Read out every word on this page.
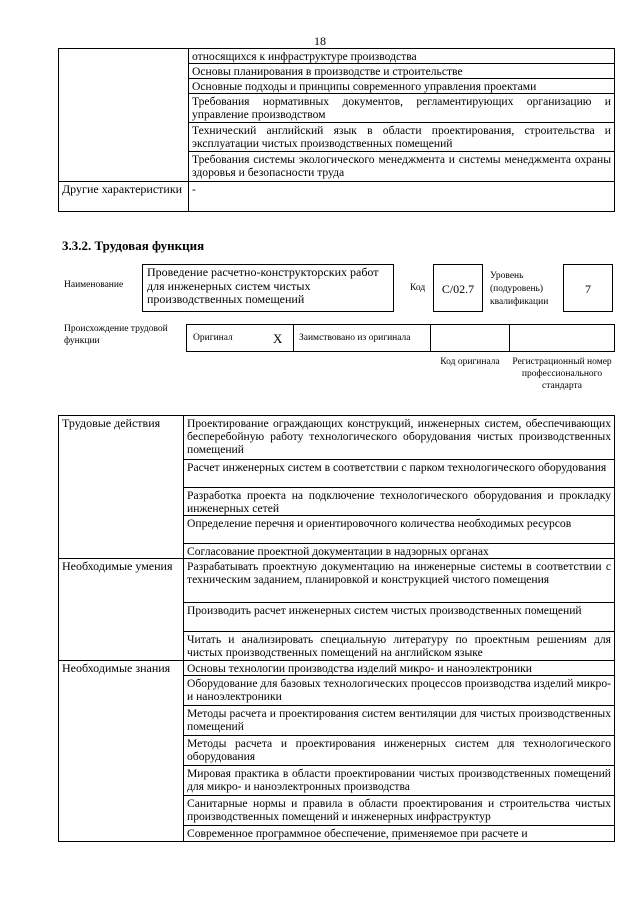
18
	относящихся к инфраструктуре производства
	Основы планирования в производстве и строительстве
	Основные подходы и принципы современного управления проектами
	Требования нормативных документов, регламентирующих организацию и управление производством
	Технический английский язык в области проектирования, строительства и эксплуатации чистых производственных помещений
	Требования системы экологического менеджмента и системы менеджмента охраны здоровья и безопасности труда
Другие характеристики	-
3.3.2. Трудовая функция
Наименование
Проведение расчетно-конструкторских работ для инженерных систем чистых производственных помещений
Код	C/02.7
Уровень (подуровень) квалификации
7
Происхождение трудовой функции	Оригинал	X Заимствовано из оригинала
Код оригинала	Регистрационный номер профессионального стандарта
Трудовые действия	Проектирование ограждающих конструкций, инженерных систем, обеспечивающих бесперебойную работу технологического оборудования чистых производственных помещений
	Расчет инженерных систем в соответствии с парком технологического оборудования
	Разработка проекта на подключение технологического оборудования и прокладку инженерных сетей
	Определение перечня и ориентировочного количества необходимых ресурсов
	Согласование проектной документации в надзорных органах
Необходимые умения	Разрабатывать проектную документацию на инженерные системы в соответствии с техническим заданием, планировкой и конструкцией чистого помещения
	Производить расчет инженерных систем чистых производственных помещений
	Читать и анализировать специальную литературу по проектным решениям для чистых производственных помещений на английском языке
Необходимые знания	Основы технологии производства изделий микро- и наноэлектроники
	Оборудование для базовых технологических процессов производства изделий микро- и наноэлектроники
	Методы расчета и проектирования систем вентиляции для чистых производственных помещений
	Методы расчета и проектирования инженерных систем для технологического оборудования
	Мировая практика в области проектировании чистых производственных помещений для микро- и наноэлектронных производства
	Санитарные нормы и правила в области проектирования и строительства чистых производственных помещений и инженерных инфраструктур
	Современное программное обеспечение, применяемое при расчете и
